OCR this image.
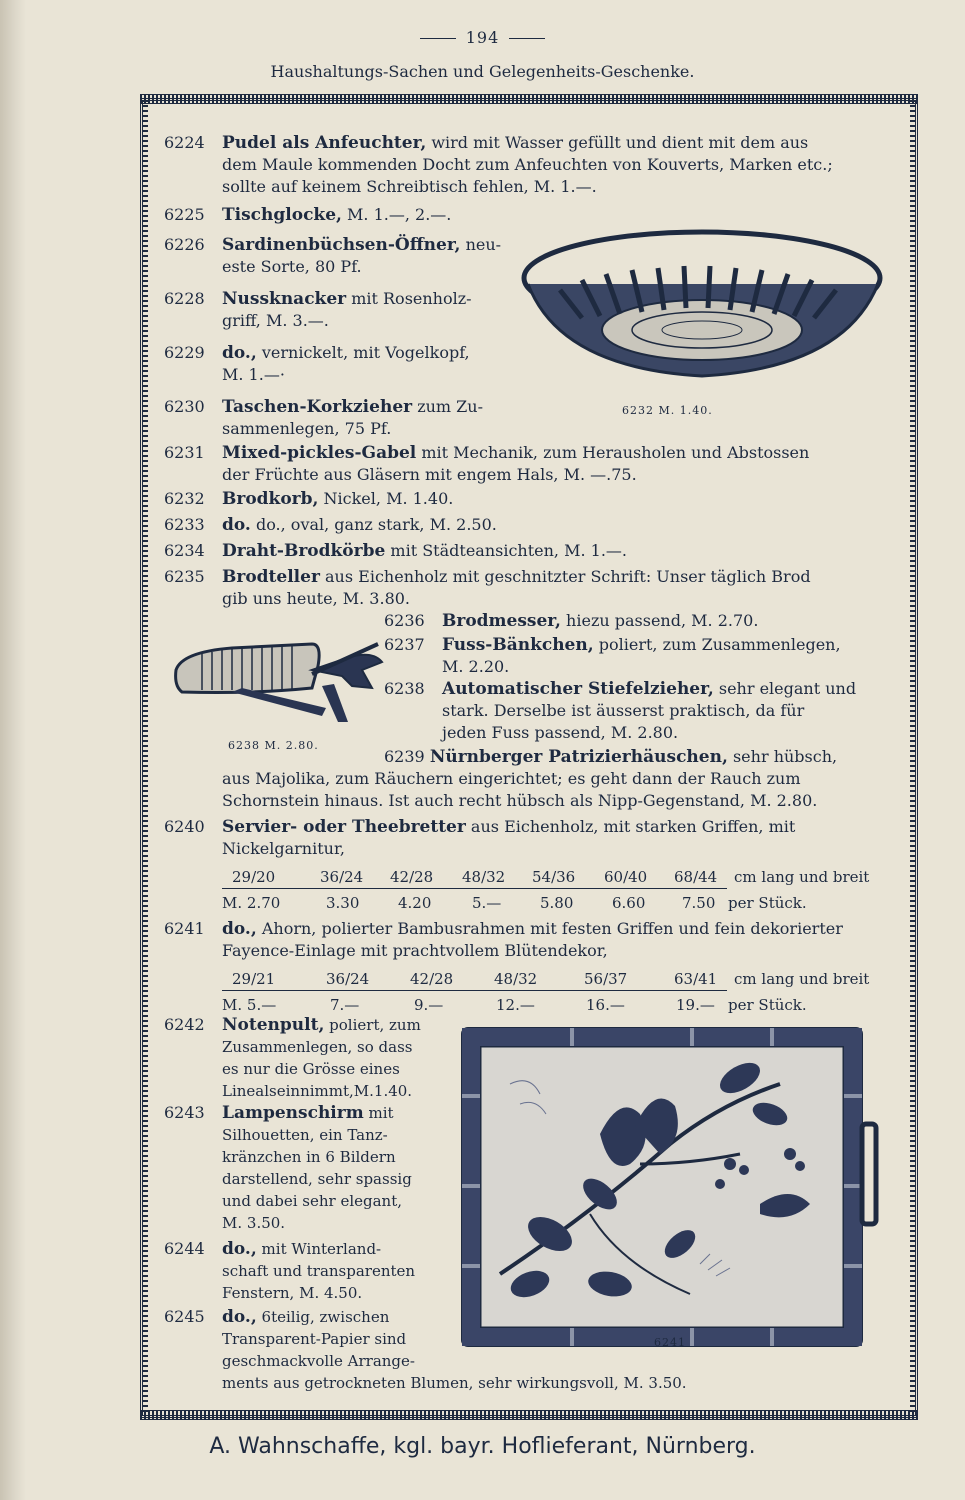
194
Haushaltungs-Sachen und Gelegenheits-Geschenke.
6224	Pudel als Anfeuchter, wird mit Wasser gefüllt und dient mit dem aus
dem Maule kommenden Docht zum Anfeuchten von Kouverts, Marken etc.;
sollte auf keinem Schreibtisch fehlen, M. 1.—.
6225	Tischglocke, M. 1.—, 2.—.
6226	Sardinenbüchsen-Öffner, neu-
este Sorte, 80 Pf.
6228	Nussknacker mit Rosenholz-
griff, M. 3.—.
6229	do., vernickelt, mit Vogelkopf,
M. 1.—·
6230	Taschen-Korkzieher zum Zu-
sammenlegen, 75 Pf.
6231	Mixed-pickles-Gabel mit Mechanik, zum Herausholen und Abstossen
der Früchte aus Gläsern mit engem Hals, M. —.75.
6232	Brodkorb, Nickel, M. 1.40.
6233	do. do., oval, ganz stark, M. 2.50.
6234	Draht-Brodkörbe mit Städteansichten, M. 1.—.
6235	Brodteller aus Eichenholz mit geschnitzter Schrift: Unser täglich Brod
gib uns heute, M. 3.80.
6236	Brodmesser, hiezu passend, M. 2.70.
6237	Fuss-Bänkchen, poliert, zum Zusammenlegen,
M. 2.20.
6238	Automatischer Stiefelzieher, sehr elegant und
stark. Derselbe ist äusserst praktisch, da für
jeden Fuss passend, M. 2.80.
6239 Nürnberger Patrizierhäuschen, sehr hübsch,
aus Majolika, zum Räuchern eingerichtet; es geht dann der Rauch zum
Schornstein hinaus. Ist auch recht hübsch als Nipp-Gegenstand, M. 2.80.
6240	Servier- oder Theebretter aus Eichenholz, mit starken Griffen, mit
Nickelgarnitur,
29/20	36/24 42/28 48/32 54/36 60/40 68/44 cm lang und breit
M. 2.70	3.30	4.20	5.—	5.80	6.60 7.50 per Stück.
6241	do., Ahorn, polierter Bambusrahmen mit festen Griffen und fein dekorierter
Fayence-Einlage mit prachtvollem Blütendekor,
29/21	36/24	42/28	48/32	56/37	63/41 cm lang und breit
M. 5.—	7.—	9.—	12.—	16.—	19.— per Stück.
6242	Notenpult, poliert, zum
Zusammenlegen, so dass
es nur die Grösse eines
Linealseinnimmt,M.1.40.
6243	Lampenschirm mit
Silhouetten, ein Tanz-
kränzchen in 6 Bildern
darstellend, sehr spassig
und dabei sehr elegant,
M. 3.50.
6244	do., mit Winterland-
schaft und transparenten
Fenstern, M. 4.50.
6245	do., 6teilig, zwischen
Transparent-Papier sind
geschmackvolle Arrange-
ments aus getrockneten Blumen, sehr wirkungsvoll, M. 3.50.
6232 M. 1.40.
6238 M. 2.80.
6241
A. Wahnschaffe, kgl. bayr. Hoflieferant, Nürnberg.
